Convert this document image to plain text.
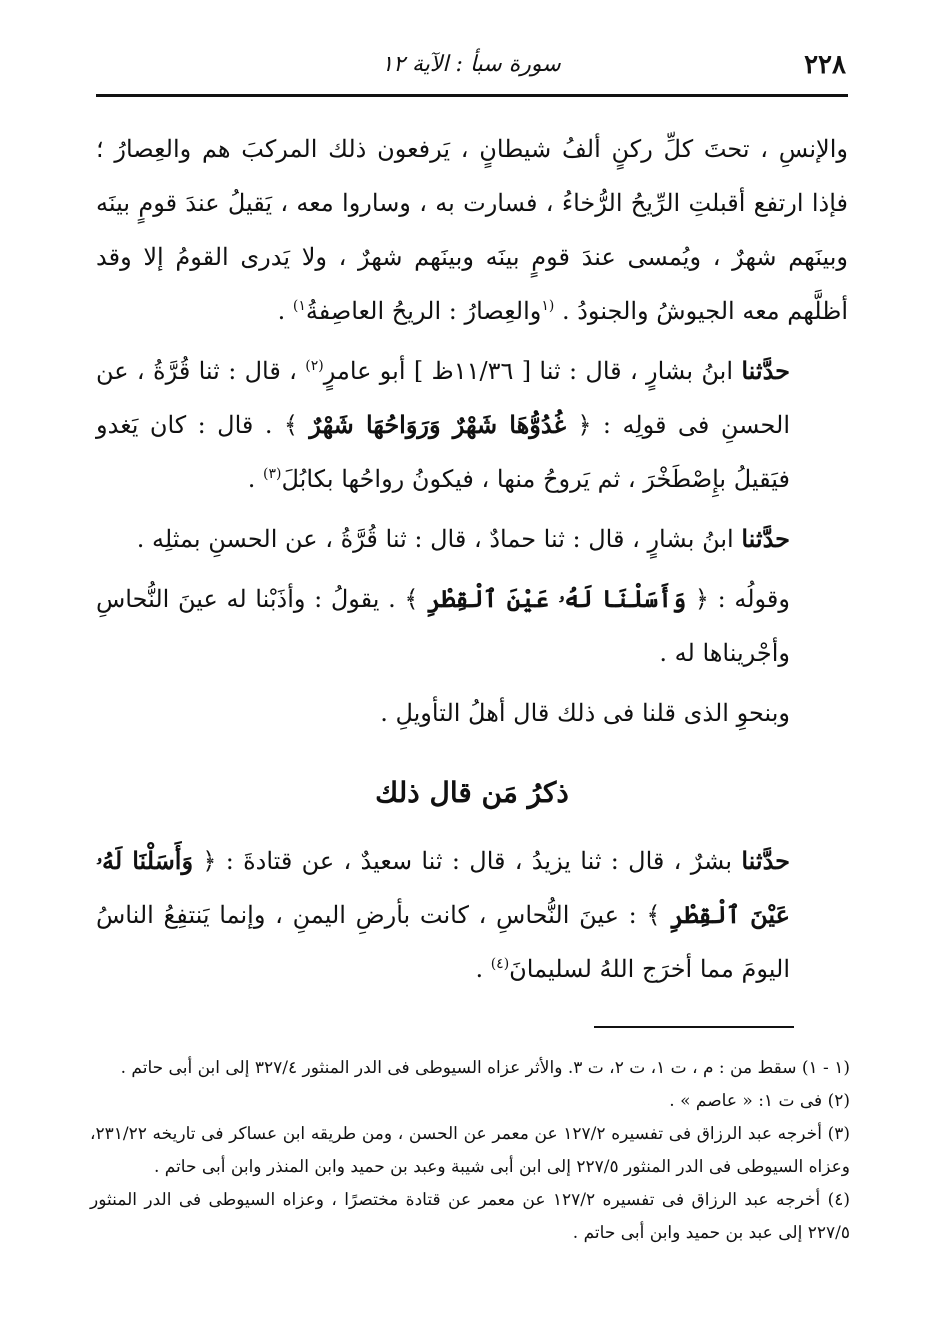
٢٢٨
سورة سبأ : الآية ١٢

والإنسِ ، تحتَ كلِّ ركنٍ ألفُ شيطانٍ ، يَرفعون ذلك المركبَ هم والعِصارُ ؛ فإذا ارتفع أقبلتِ الرِّيحُ الرُّخاءُ ، فسارت به ، وساروا معه ، يَقيلُ عندَ قومٍ بينَه وبينَهم شهرٌ ، ويُمسى عندَ قومٍ بينَه وبينَهم شهرٌ ، ولا يَدرى القومُ إلا وقد أظلَّهم معه الجيوشُ والجنودُ . $^{(١}$والعِصارُ : الريحُ العاصِفةُ$^{١)}$ .

حدَّثنا ابنُ بشارٍ ، قال : ثنا [ ١١/٣٦ظ ] أبو عامرٍ$^{(٢)}$ ، قال : ثنا قُرَّةُ ، عن الحسنِ فى قولِه : ﴿ غُدُوُّهَا شَهْرٌ وَرَوَاحُهَا شَهْرٌ ﴾ . قال : كان يَغدو فيَقيلُ بإِصْطَخْرَ ، ثم يَروحُ منها ، فيكونُ رواحُها بكابُلَ$^{(٣)}$ .

حدَّثنا ابنُ بشارٍ ، قال : ثنا حمادٌ ، قال : ثنا قُرَّةُ ، عن الحسنِ بمثلِه .

وقولُه : ﴿ وَأَسَلْنَا لَهُۥ عَيْنَ ٱلْقِطْرِ ﴾ . يقولُ : وأذَبْنا له عينَ النُّحاسِ وأجْريناها له .

وبنحوِ الذى قلنا فى ذلك قال أهلُ التأويلِ .

ذكرُ مَن قال ذلك

حدَّثنا بشرٌ ، قال : ثنا يزيدُ ، قال : ثنا سعيدٌ ، عن قتادةَ : ﴿ وَأَسَلْنَا لَهُۥ عَيْنَ ٱلْقِطْرِ ﴾ : عينَ النُّحاسِ ، كانت بأرضِ اليمنِ ، وإنما يَنتفِعُ الناسُ اليومَ مما أخرَج اللهُ لسليمانَ$^{(٤)}$ .

(١ - ١) سقط من : م ، ت ١، ت ٢، ت ٣. والأثر عزاه السيوطى فى الدر المنثور ٣٢٧/٤ إلى ابن أبى حاتم .

(٢) فى ت ١: « عاصم » .

(٣) أخرجه عبد الرزاق فى تفسيره ١٢٧/٢ عن معمر عن الحسن ، ومن طريقه ابن عساكر فى تاريخه ٢٣١/٢٢، وعزاه السيوطى فى الدر المنثور ٢٢٧/٥ إلى ابن أبى شيبة وعبد بن حميد وابن المنذر وابن أبى حاتم .

(٤) أخرجه عبد الرزاق فى تفسيره ١٢٧/٢ عن معمر عن قتادة مختصرًا ، وعزاه السيوطى فى الدر المنثور ٢٢٧/٥ إلى عبد بن حميد وابن أبى حاتم .
